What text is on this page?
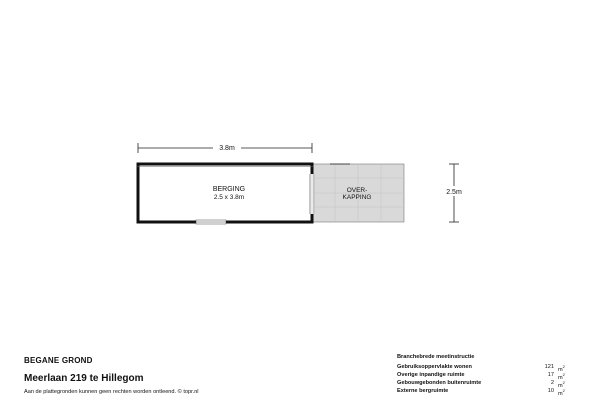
3.8m
OVER-
KAPPING
BERGING
2.5 x 3.8m
2.5m
BEGANE GROND
Meerlaan 219 te Hillegom
Aan de plattegronden kunnen geen rechten worden ontleend. © topr.nl
Branchebrede meetinstructie
Gebruiksoppervlakte wonen	121 $m^2$
Overige inpandige ruimte	17 $m^2$
Gebouwgebonden buitenruimte	2 $m^2$
Externe bergruimte	10 $m^2$
